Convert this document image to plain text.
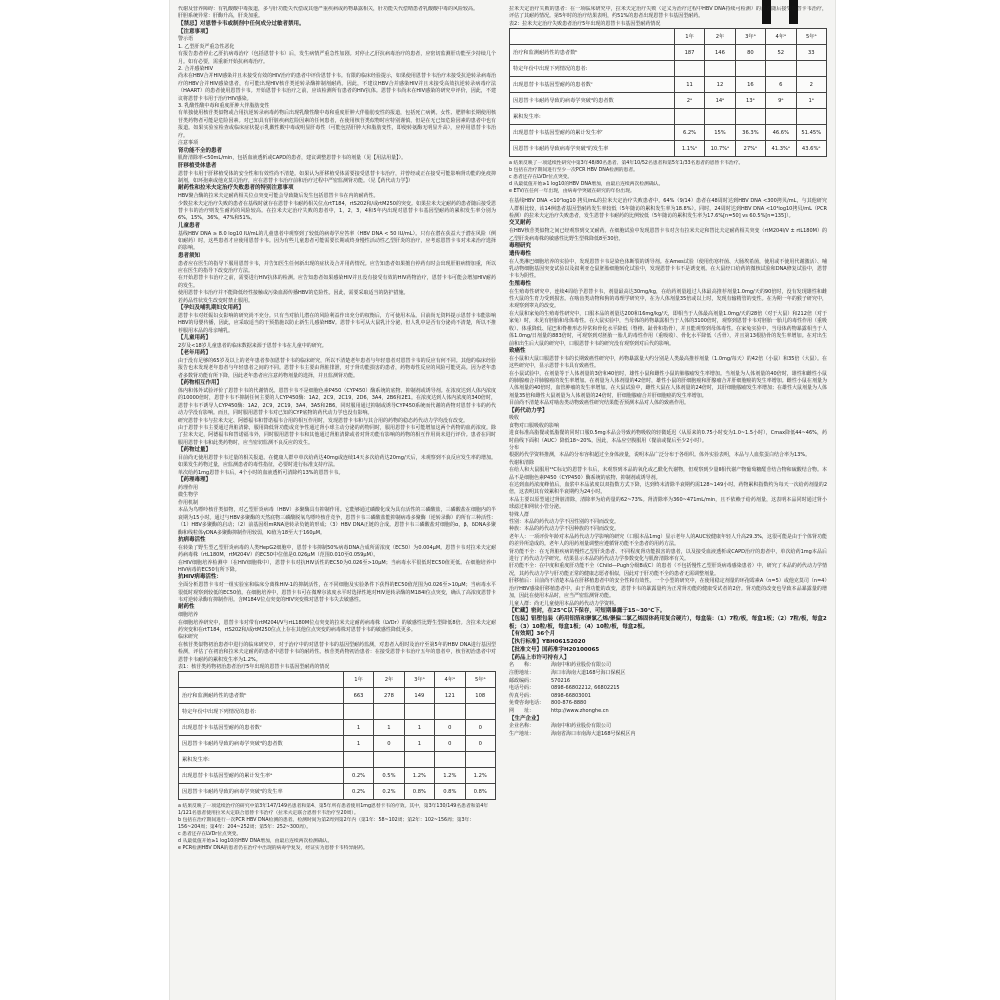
代谢及营养障碍：有乳酸酸中毒报道，多与肝功能失代偿或其他严重疾病或药物暴露相关，肝功能失代偿晴患者乳酸酸中毒的风险较高。

肝胆系统异常：肝酶升高，肝炎加重。

【禁忌】对恩替卡韦或制剂中任何成分过敏者禁用。

【注意事项】

警示语

1. 乙型肝炎严重急性恶化

有报告患者停止乙肝抗病毒治疗（包括恩替卡韦）后，发生病情严重急性加剧。对停止乙肝抗病毒治疗的患者，应密切监测肝功能至少持续几个月。如有必要，需重新开始抗病毒治疗。

2. 合并感染HIV

尚未在HBV合并HIV感染并且未接受有效的HIV治疗的患者中评价恩替卡韦。有限的临床经验提示，如果使用恩替卡韦治疗未接受抗逆转录病毒治疗的HBV合并HIV感染患者，有可能出现HIV核苷类逆转录酶抑制剂耐药。因此，不建议HBV合并感染HIV并且未接受高效抗逆转录病毒疗法（HAART）的患者使用恩替卡韦。开始恩替卡韦治疗之前，应该检测所有患者的HIV抗体。恩替卡韦尚未在HIV感染的研究中评价，因此，不建议将恩替卡韦用于治疗HIV感染。

3. 乳酸性酸中毒和重度肝肿大伴脂肪变性

有单独使用核苷类似物或合用抗逆转录病毒药物后出现乳酸性酸中毒和重度肝肿大伴脂肪变性的报道，包括死亡病例。女性、肥胖和长期使用核苷类药物者可能是危险因素。对已知具有肝脏疾病危险因素的任何患者，在使用核苷类似物时应特别谨慎，但是在无已知危险因素的患者中也有报道。如果实验室检查或临床症状提示乳酸性酸中毒或明显肝毒性（可能包括肝肿大和脂肪变性，即使转氨酶无明显升高），应停用恩替卡韦治疗。

注意事项

肾功能不全的患者

肌酐清除率<50mL/min，包括血液透析或CAPD的患者，建议调整恩替卡韦的剂量（见【用法用量】）。

肝移植受体患者

恩替卡韦用于肝移植受体的安全性和有效性尚不清楚。如果认为肝移植受体需要接受恩替卡韦治疗，并曾经或正在接受可能影响肾功能的免疫抑制剂，如环孢素或他克莫司治疗，应在恩替卡韦治疗前和治疗过程中严密监测肾功能。（见【药代动力学】）

耐药性和拉米夫定治疗失败患者的特别注意事项

HBV聚合酶的拉米夫定耐药相关位点突变可能会导致随后发生包括恩替卡韦在内的耐药性。

少数拉米夫定治疗失败的患者在基线时就存在恩替卡韦耐药相关位点rtT184，rtS202和/或rtM250的突变。如果拉米夫定耐药的患者随后接受恩替卡韦的治疗则发生耐药的风险较高。在拉米夫定治疗失败的患者中，1，2，3，4和5年内出现对恩替卡韦基因型耐药的累积发生率分别为6%，15%，36%，47%和51%。

儿童患者

基线HBV DNA ≥ 8.0 log10 IU/mL的儿童患者中观察到了较低的病毒学应答率（HBV DNA < 50 IU/mL）。只有在潜在获益大于潜在风险（例如耐药）时，这些患者才应使用恩替卡韦。因为有些儿童患者可能需要长期或终身慢性活动性乙型肝炎的治疗，应考虑恩替卡韦对未来治疗选择的影响。

患者须知

患者应在医生的指导下服用恩替卡韦，并告知医生任何新出现的症状及合并用药情况。应告知患者如果擅自停药有时会出现肝脏病情加重，所以应在医生的指导下改变治疗方法。

在开始恩替卡韦治疗之前，需要进行HIV抗体的检测。应告知患者如果感染HIV并且没有接受有效的HIV药物治疗，恩替卡韦可能会增加HIV耐药的发生。

使用恩替卡韦治疗并不能降低经性接触或污染血源传播HBV的危险性。因此，需要采取适当的防护措施。

若药品性状发生改变时禁止服用。

【孕妇及哺乳期妇女用药】

恩替卡韦对妊娠妇女影响的研究尚不充分。只有当对胎儿潜在的风险利益作出充分的权衡后，方可使用本品。目前尚无资料提示恩替卡韦能影响HBV的母婴传播，因此，应采取适当的干预措施以防止新生儿感染HBV。恩替卡韦可从大鼠乳汁分泌，但人乳中是否有分泌尚不清楚，所以不推荐服用本品的母亲哺乳。

【儿童用药】

2岁及<18岁儿童患者的临床数据来源于恩替卡韦在儿童中的研究。

【老年用药】

由于没有足够的65岁及以上的老年患者参加恩替卡韦的临床研究，所以不清楚老年患者与年轻患者对恩替卡韦的反应有何不同。其他的临床经验报告也未发现老年患者与年轻患者之间的不同。恩替卡韦主要由肾脏排泄，对于肾功能损害的患者，药物毒性反应的风险可能更高。因为老年患者多数肾功能有所下降，因此老年患者应注意药物剂量的选择，并且监测肾功能。

【药物相互作用】

体内和体外试验评价了恩替卡韦的代谢情况。恩替卡韦不是细胞色素P450（CYP450）酶系统的底物、抑制剂或诱导剂。在浓度达到人体内浓度的10000倍时，恩替卡韦不抑制任何主要的人CYP450酶：1A2，2C9，2C19，2D6，3A4，2B6和2E1。在浓度达到人体内浓度的340倍时，恩替卡韦不诱导人CYP450酶：1A2，2C9，2C19，3A4，3A5和2B6。同时服用通过抑制或诱导CYP450系统而代谢的药物对恩替卡韦的药代动力学没有影响。而且，同时服用恩替卡韦对已知的CYP底物的药代动力学也没有影响。

研究恩替卡韦与拉米夫定、阿德福韦和替诺福韦合用的相互作用时，发现恩替卡韦和与其合用的药物的稳态药代动力学均没有改变。

由于恩替卡韦主要通过肾脏清除，服用降低肾功能或竞争性通过肾小球主动分泌的药物同时，服用恩替卡韦可能增加这两个药物的血药浓度。除了拉米夫定，阿德福韦和替诺福韦外，同时服用恩替卡韦和其他通过肾脏清除或者对肾功能有影响的药物的相互作用尚未进行评价。患者在同时服用恩替卡韦和此类药物时，应当密切监测不良反应的发生。

【药物过量】

目前尚无使用恩替卡韦过量的相关报道。在健康人群中单次给药达40mg或连续14天多次给药达20mg/天后，未观察到不良反应发生率的增加。如果发生药物过量，应监测患者的毒性指征，必要时进行标准支持疗法。

单次给药1mg恩替卡韦后，4个小时的血液透析可清除约13%的恩替卡韦。

【药理毒理】

药理作用

微生物学

作用机制

本品为鸟嘌呤核苷类似物，对乙型肝炎病毒（HBV）多聚酶具有抑制作用。它能够通过磷酸化成为具有活性的三磷酸盐，三磷酸盐在细胞内的半衰期为15小时。通过与HBV多聚酶的天然底物三磷酸脱氧鸟嘌呤核苷竞争，恩替卡韦三磷酸盐能抑制病毒多聚酶（逆转录酶）的所有三种活性：（1）HBV多聚酶的启动；（2）前基因组mRNA逆转录负链的形成；（3）HBV DNA正链的合成。恩替卡韦三磷酸盐对细胞的α，β，δDNA多聚酶和线粒体γDNA多聚酶抑制作用较弱，Ki值为18至大于160μM。

抗病毒活性

在转染了野生型乙型肝炎病毒的人类HepG2细胞中，恩替卡韦抑制50%病毒DNA合成所需浓度（EC50）为0.004μM。恩替卡韦对拉米夫定耐药病毒株（rtL180M，rtM204V）的EC50中位值是0.026μM（范围0.010至0.059μM）。

在HIV细胞培养检测中（在HIV细胞株中），恩替卡韦对抗HIV活性的EC50为0.026至>10μM；当病毒水平很低时EC50值更低。在细胞培养中HIV病毒的EC50有所下降。

抗HIV病毒活性：

全面分析恩替卡韦对一组实验室和临床分离株HIV-1的抑制活性，在不同细胞及实验条件下获得的EC50值范围为0.026至>10μM；当病毒水平很低时观察到较低的EC50值。在细胞培养中，恩替卡韦可在微摩尔浓度水平时选择性地对HIV逆转录酶的M184I位点突变，确认了高浓度恩替卡韦对逆转录酶有抑制作用。含M184V位点突变的HIV突变株对恩替卡韦失去敏感性。

耐药性

细胞培养

在细胞培养研究中，恩替卡韦对带有rtM204I/V与rtL180M位点突变的拉米夫定耐药病毒株（LVDr）的敏感性比野生型降低8倍。含拉米夫定耐药突变和在rtT184，rtS202和/或rtM250位点上存在其他位点突变的病毒株对恩替卡韦的敏感性降低更多。

临床研究

在核苷类似物初治患者中进行的临床研究中，对于治疗中的对恩替卡韦的基因型耐药监测，对患者入组时及治疗至第5年的HBV DNA进行基因型检测，评估了在初治和拉米夫定耐药的患者中恩替卡韦的耐药性。核苷类药物初治患者：在接受恩替卡韦治疗五年的患者中，核苷初治患者中对恩替卡韦耐药的累积发生率为1.2%。

表1：核苷类药物初治患者治疗5年出现的恩替卡韦基因型耐药的情况

	1年	2年	3年ᵃ	4年ᵃ	5年ᵃ
治疗和监测耐药性的患者数ᵇ	663	278	149	121	108
特定年份中出现下列情况的患者:					
出现恩替卡韦基因型耐药的患者数ᶜ	1	1	1	0	0
因恩替卡韦耐药导致的病毒学突破ᵈ的患者数	1	0	1	0	0
累积发生率:					
出现恩替卡韦基因型耐药的累计发生率ᵉ	0.2%	0.5%	1.2%	1.2%	1.2%
因恩替卡韦耐药导致的病毒学突破ᵈ的发生率	0.2%	0.2%	0.8%	0.8%	0.8%

a 结果反映了一项延续治疗的研究中第3年147/149名患者和第4、第5年所有患者使用1mg恩替卡韦的疗效。其中，第3年130/149名患者和第4年1/121名患者使用拉米夫定联合恩替卡韦治疗（拉米夫定联合恩替卡韦治疗至20周）。

b 包括在治疗期间进行一次PCR HBV DNA检测的患者。检测时间为第2周到第2年内（第1年：58~102周；第2年：102~156周；第3年：156~204周；第4年：204~252周；第5年：252~300周）。

c 患者还存在LVDr位点突变。

d 从最低值开始≥1 log10的HBV DNA增加，由最后连续两次检测确认。

e PCR检测HBV DNA的患者仍在治疗中出现的病毒学复发，经证实为恩替卡韦特异耐药。

拉米夫定治疗失败的患者：在一项临床研究中，拉米夫定治疗失败（定义为治疗过程中HBV DNA持续可检测）的患者随后接受恩替卡韦治疗，评估了其耐药情况。第5年时的治疗结果表明，约51%的患者出现恩替卡韦基因型耐药。

表2：拉米夫定治疗失败患者治疗5年出现的恩替卡韦基因型耐药情况

	1年	2年	3年ᵃ	4年ᵃ	5年ᵃ
治疗和监测耐药性的患者数ᵇ	187	146	80	52	33
特定年份中出现下列情况的患者:					
出现恩替卡韦基因型耐药的患者数ᶜ	11	12	16	6	2
因恩替卡韦耐药导致的病毒学突破ᵈ的患者数	2ᵉ	14ᵉ	13ᵉ	9ᵉ	1ᵉ
累积发生率:					
出现恩替卡韦基因型耐药的累计发生率ᶠ	6.2%	15%	36.3%	46.6%	51.45%
因恩替卡韦耐药导致病毒学突破ᵈ的发生率	1.1%ᵉ	10.7%ᵉ	27%ᵉ	41.3%ᵉ	43.6%ᵉ

a 结果反映了一项延续性研究中第3年48/80名患者、第4年10/52名患者和第5年1/33名患者的恩替卡韦治疗。

b 包括在治疗期间进行至少一次PCR HBV DNA检测的患者。

c 患者还存在LVDr位点突变。

d 从最低值开始≥1 log10的HBV DNA增加，由最后连续两次检测确认。

e ETV/在任何一年出现，由病毒学突破在研究的年份出现。

在基线HBV DNA <10⁷log10 拷贝/mL的拉米夫定治疗失败患者中，64%（9/14）患者在48周时达到HBV DNA <300拷贝/mL，与其他研究人群相比较，该14例患者基因型耐药发生率较低（5年随访的累积发生率为18.8%）。同时，24周时达到HBV DNA <10⁴log10拷贝/mL（PCR检测）的拉米夫定治疗失败患者，发生恩替卡韦耐药的比例较低（5年随访的累积发生率为17.6%[n=50] vs 60.5%[n=135]）。

交叉耐药

在HBV核苷类似物之间已经观察到交叉耐药。在细胞试验中发现恩替卡韦对含有拉米夫定和替比夫定耐药相关突变（rtM204I/V ± rtL180M）的乙型肝炎病毒株的敏感性比野生型株降低8至30倍。

毒理研究

遗传毒性

在人类淋巴细胞培养的实验中，发现恩替卡韦是染色体断裂的诱导剂。在Ames试验（使用伤寒杆菌、大肠埃希菌，使用或不使用代谢激活）、哺乳动物细胞基因突变试验以及叙利亚仓鼠胚胎细胞转化试验中，发现恩替卡韦不是诱变剂。在大鼠经口给药的微核试验和DNA修复试验中，恩替卡韦为阴性。

生殖毒性

在生殖毒性研究中，连续4周给予恩替卡韦，剂量最高达30mg/kg，在给药剂量超过人体最高推荐剂量1.0mg/天的90倍时，没有发现雄性和雌性大鼠的生育力受到损害。在啮齿类动物和狗的毒理学研究中，在为人体剂量35倍或以上时，发现有输精管的变性。在为期一年的猴子研究中，未观察到睾丸的改变。

在大鼠和家兔的生殖毒性研究中，口服本品的剂量达200和16mg/kg/天，即相当于人体最高剂量1.0mg/天的28倍（对于大鼠）和212倍（对于家兔）时，未见有胚胎和母体毒性。在大鼠实验中，当母体的药物暴露相当于人体的3100倍时，观察到恩替卡韦对胚胎一胎儿的毒性作用（重吸收）、体重降低、尾巴和脊椎形态异常和骨化水平降低（脊椎、趾骨和指骨），并且能观察到母体毒性。在家兔实验中，当母体药物暴露相当于人体1.0mg/日剂量的883倍时，可观察到对胚胎一胎儿的毒性作用（重吸收）、骨化水平降低（舌骨），并且第13根肋骨的发生率增加。在对出生前和出生后大鼠的研究中，口服恩替卡韦的研究没有观察到对后代的影响。

致癌性

在小鼠和大鼠口服恩替卡韦的长期致癌性研究中，药物暴露量大约分别是人类最高推荐剂量（1.0mg/每天）的42倍（小鼠）和35倍（大鼠）。在这些研究中，显示恩替卡韦具有致癌性。

在小鼠试验中，在剂量等于人体剂量的3倍和40倍时，雄性小鼠和雌性小鼠的肺腺瘤发生率增加。当剂量为人体剂量的40倍时，雄性和雌性小鼠的肺腺瘤合并肺腺癌的发生率增加。在剂量为人体剂量的42倍时，雄性小鼠的肝细胞癌和肝腺瘤合并肝细胞癌的发生率增加。雌性小鼠在剂量为人体剂量的40倍时，血管肿瘤的发生率增加。在大鼠试验中，雌性大鼠在人体剂量的24倍时，其肝细胞腺瘤发生率增加；在雄性大鼠剂量为人体剂量35倍和雌性大鼠剂量为人体剂量的24倍时，肝细胞腺瘤合并肝细胞癌的发生率增加。

目前尚不清楚本品对啮齿类动物致癌性研究结果能否预测本品对人体的致癌作用。

【药代动力学】

吸收

食物对口服吸收的影响

进食标准高脂餐或低脂餐的同时口服0.5mg本品会导致药物吸收的轻微延迟（从原来的0.75小时变为1.0~1.5小时），Cmax降低44~46%，药时曲线下面积（AUC）降低18~20%。因此，本品应空腹服用（餐前或餐后至少2小时）。

分布

根据药代学资料推测，本品的分布容积超过全身体液量，说明本品广泛分布于各组织。体外实验表明，本品与人血浆蛋白结合率为13%。

代谢和清除

在给人和大鼠服用¹⁴C标记的恩替卡韦后，未观察到本品的氧化或乙酰化代谢物，但观察到少量Ⅱ相代谢产物葡萄糖醛苷结合物和硫酸结合物。本品不是细胞色素P450（CYP450）酶系统的底物、抑制剂或诱导剂。

在达到血药浓度峰值后，血浆中本品浓度以双指数方式下降，达到终末清除半衰期约需128~149小时。药物累积指数约为每天一次给药剂量的2倍，这表明其有效累积半衰期约为24小时。

本品主要以原型通过肾脏清除，清除率为给药量的62~73%。肾清除率为360~471mL/min，且不依赖于给药剂量，这表明本品同时通过肾小球滤过和网状小管分泌。

特殊人群

性别：本品的药代动力学不因性别的不同而改变。

种族：本品的药代动力学不因种族的不同而改变。

老年人：一项评价年龄对本品药代动力学影响的研究（口服本品1mg）显示老年人的AUC较健康年轻人升高29.3%，这很可能是由于个体肾功能的差异所造成的。老年人的用药剂量调整应遵循肾功能不全患者的用药方法。

肾功能不全：在无肾脏疾病的慢性乙型肝炎患者、不同程度肾功能损害的患者，以及接受血液透析或CAPD治疗的患者中，单次给药1mg本品后进行了药代动力学研究。结果显示本品的药代动力学参数变化与肌酐清除率有关。

肝功能不全：在中度和重度肝功能不全（Child—Pugh分级B或C）的患者（不包括慢性乙型肝炎病毒感染患者）中，研究了本品的药代动力学情况，其药代动力学与肝功能正常的健康志愿者相似，因此对于肝功能不全的患者无需调整剂量。

肝移植后：目前尚不清楚本品在肝移植患者中的安全性和有效性。一个小型的研究中，在使用稳定剂量的环孢霉素A（n=5）或他克莫司（n=4）治疗HBV感染肝移植患者中，由于肾功能的改变，恩替卡韦的暴露量约为正常肾功能的健康受试者的2倍。肾功能的改变也导致本品暴露量的增加，因此在使用本品时，应当严密监测肾功能。

儿童人群：尚无儿童使用本品的药代动力学资料。

【贮藏】密封，在25℃以下保存，可短期暴露于15~30℃下。

【包装】铝塑包装（药用铝箔和聚氯乙烯/聚偏二氯乙烯固体药用复合硬片），每盒装：（1）7粒/板，每盒1板；（2）7粒/板，每盒2板；（3）10粒/板，每盒1板；（4）10粒/板，每盒2板。

【有效期】36个月

【执行标准】YBH06152020

【批准文号】国药准字H20100065

【药品上市许可持有人】

名　　称：	海南中和药业股份有限公司

注册地址：	海口市海南大道168号海口保税区

邮政编码：	570216

电话号码：	0898-66802212, 66802215

传真号码：	0898-66803001

免费咨询电话： 800-876-8880

网　　址：	http://www.zhonghe.cn

【生产企业】

企业名称：	海南中和药业股份有限公司

生产地址：	海南省海口市南海大道168号保税区内
